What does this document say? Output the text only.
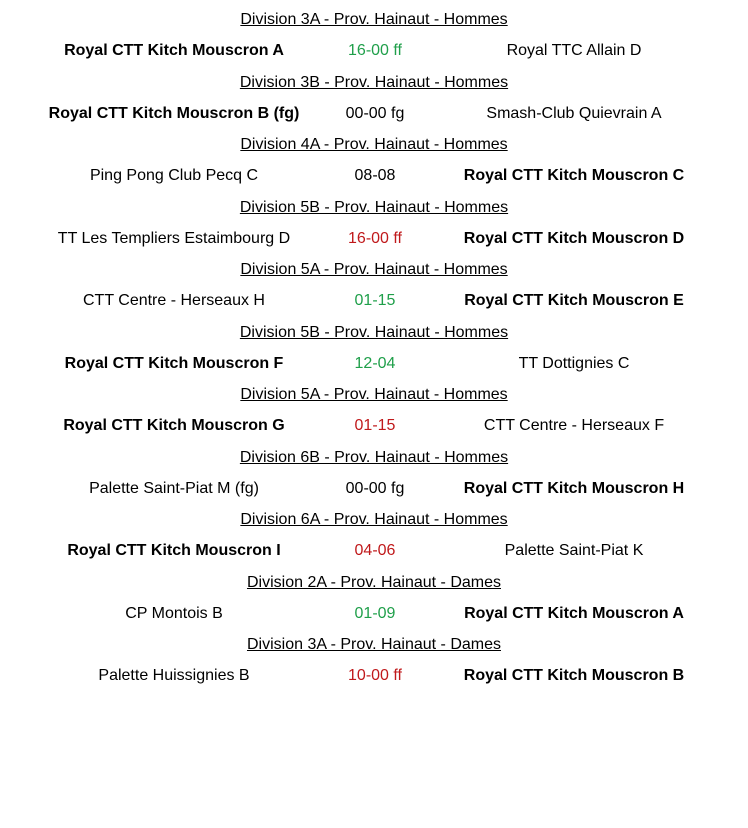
Division 3A - Prov. Hainaut - Hommes
Royal CTT Kitch Mouscron A	16-00 ff	Royal TTC Allain D
Division 3B - Prov. Hainaut - Hommes
Royal CTT Kitch Mouscron B (fg)	00-00 fg	Smash-Club Quievrain A
Division 4A - Prov. Hainaut - Hommes
Ping Pong Club Pecq C	08-08	Royal CTT Kitch Mouscron C
Division 5B - Prov. Hainaut - Hommes
TT Les Templiers Estaimbourg D	16-00 ff	Royal CTT Kitch Mouscron D
Division 5A - Prov. Hainaut - Hommes
CTT Centre - Herseaux H	01-15	Royal CTT Kitch Mouscron E
Division 5B - Prov. Hainaut - Hommes
Royal CTT Kitch Mouscron F	12-04	TT Dottignies C
Division 5A - Prov. Hainaut - Hommes
Royal CTT Kitch Mouscron G	01-15	CTT Centre - Herseaux F
Division 6B - Prov. Hainaut - Hommes
Palette Saint-Piat M (fg)	00-00 fg	Royal CTT Kitch Mouscron H
Division 6A - Prov. Hainaut - Hommes
Royal CTT Kitch Mouscron I	04-06	Palette Saint-Piat K
Division 2A - Prov. Hainaut - Dames
CP Montois B	01-09	Royal CTT Kitch Mouscron A
Division 3A - Prov. Hainaut - Dames
Palette Huissignies B	10-00 ff	Royal CTT Kitch Mouscron B
